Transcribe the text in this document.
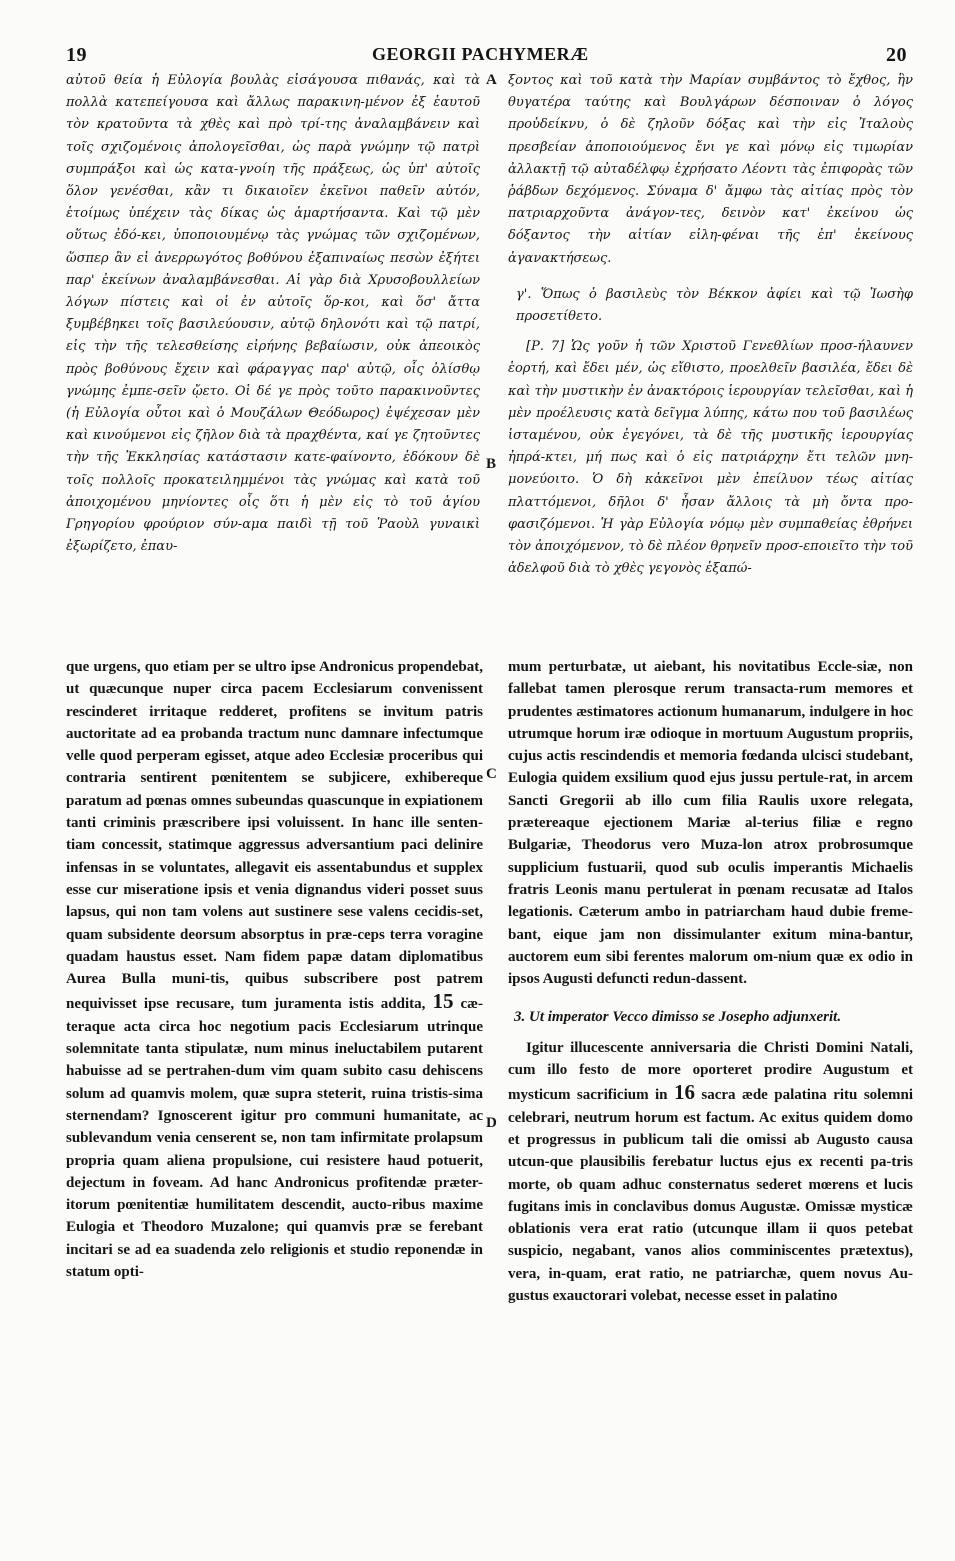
19	GEORGII PACHYMERÆ	20

αὐτοῦ θεία ἡ Εὐλογία βουλὰς εἰσάγουσα πιθανάς, καὶ τὰ πολλὰ κατεπείγουσα καὶ ἄλλως παρακινη-μένον ἐξ ἑαυτοῦ τὸν κρατοῦντα τὰ χθὲς καὶ πρὸ τρί-της ἀναλαμβάνειν καὶ τοῖς σχιζομένοις ἀπολογεῖσθαι, ὡς παρὰ γνώμην τῷ πατρὶ συμπράξοι καὶ ὡς κατα-γνοίη τῆς πράξεως, ὡς ὑπ' αὐτοῖς ὅλον γενέσθαι, κἂν τι δικαιοῖεν ἐκεῖνοι παθεῖν αὐτόν, ἑτοίμως ὑπέχειν τὰς δίκας ὡς ἁμαρτήσαντα. Καὶ τῷ μὲν οὕτως ἐδό-κει, ὑποποιουμένῳ τὰς γνώμας τῶν σχιζομένων, ὥσπερ ἂν εἰ ἀνερρωγότος βοθύνου ἐξαπιναίως πεσὼν ἐξήτει παρ' ἐκείνων ἀναλαμβάνεσθαι. Αἱ γὰρ διὰ Χρυσοβουλλείων λόγων πίστεις καὶ οἱ ἐν αὐτοῖς ὅρ-κοι, καὶ ὅσ' ἄττα ξυμβέβηκει τοῖς βασιλεύουσιν, αὐτῷ δηλονότι καὶ τῷ πατρί, εἰς τὴν τῆς τελεσθείσης εἰρήνης βεβαίωσιν, οὐκ ἀπεοικὸς πρὸς βοθύνους ἔχειν καὶ φάραγγας παρ' αὐτῷ, οἷς ὀλίσθῳ γνώμης ἐμπε-σεῖν ᾤετο. Οἱ δέ γε πρὸς τοῦτο παρακινοῦντες (ἡ Εὐλογία οὗτοι καὶ ὁ Μουζάλων Θεόδωρος) ἐψέχεσαν μὲν καὶ κινούμενοι εἰς ζῆλον διὰ τὰ πραχθέντα, καί γε ζητοῦντες τὴν τῆς Ἐκκλησίας κατάστασιν κατε-φαίνοντο, ἐδόκουν δὲ τοῖς πολλοῖς προκατειλημμένοι τὰς γνώμας καὶ κατὰ τοῦ ἀποιχομένου μηνίοντες οἷς ὅτι ἡ μὲν εἰς τὸ τοῦ ἁγίου Γρηγορίου φρούριον σύν-αμα παιδὶ τῇ τοῦ Ῥαοὺλ γυναικὶ ἐξωρίζετο, ἐπαυ-

ξοντος καὶ τοῦ κατὰ τὴν Μαρίαν συμβάντος τὸ ἔχθος, ἣν θυγατέρα ταύτης καὶ Βουλγάρων δέσποιναν ὁ λόγος προὐδείκνυ, ὁ δὲ ζηλοῦν δόξας καὶ τὴν εἰς Ἰταλοὺς πρεσβείαν ἀποποιούμενος ἔνι γε καὶ μόνῳ εἰς τιμωρίαν ἀλλακτῇ τῷ αὐταδέλφῳ ἐχρήσατο Λέοντι τὰς ἐπιφορὰς τῶν ῥάβδων δεχόμενος. Σύναμα δ' ἄμφω τὰς αἰτίας πρὸς τὸν πατριαρχοῦντα ἀνάγον-τες, δεινὸν κατ' ἐκείνου ὡς δόξαντος τὴν αἰτίαν εἰλη-φέναι τῆς ἐπ' ἐκείνους ἀγανακτήσεως.

γ'. Ὅπως ὁ βασιλεὺς τὸν Βέκκον ἀφίει καὶ τῷ Ἰωσὴφ προσετίθετο.

[Ρ. 7] Ὡς γοῦν ἡ τῶν Χριστοῦ Γενεθλίων προσ-ήλαυνεν ἑορτή, καὶ ἔδει μέν, ὡς εἴθιστο, προελθεῖν βασιλέα, ἔδει δὲ καὶ τὴν μυστικὴν ἐν ἀνακτόροις ἱερουργίαν τελεῖσθαι, καὶ ἡ μὲν προέλευσις κατὰ δεῖγμα λύπης, κάτω που τοῦ βασιλέως ἱσταμένου, οὐκ ἐγεγόνει, τὰ δὲ τῆς μυστικῆς ἱερουργίας ἠπρά-κτει, μή πως καὶ ὁ εἰς πατριάρχην ἔτι τελῶν μνη-μονεύοιτο. Ὁ δὴ κἀκεῖνοι μὲν ἐπείλυον τέως αἰτίας πλαττόμενοι, δῆλοι δ' ἦσαν ἄλλοις τὰ μὴ ὄντα προ-φασιζόμενοι. Ἡ γὰρ Εὐλογία νόμῳ μὲν συμπαθείας ἐθρήνει τὸν ἀποιχόμενον, τὸ δὲ πλέον θρηνεῖν προσ-εποιεῖτο τὴν τοῦ ἀδελφοῦ διὰ τὸ χθὲς γεγονὸς ἐξαπώ-

que urgens, quo etiam per se ultro ipse Andronicus propendebat, ut quæcunque nuper circa pacem Ecclesiarum convenissent rescinderet irritaque redderet, profitens se invitum patris auctoritate ad ea probanda tractum nunc damnare infectumque velle quod perperam egisset, atque adeo Ecclesiæ proceribus qui contraria sentirent pœnitentem se subjicere, exhibereque paratum ad pœnas omnes subeundas quascunque in expiationem tanti criminis præscribere ipsi voluissent. In hanc ille senten-tiam concessit, statimque aggressus adversantium paci delinire infensas in se voluntates, allegavit eis assentabundus et supplex esse cur miseratione ipsis et venia dignandus videri posset suus lapsus, qui non tam volens aut sustinere sese valens cecidis-set, quam subsidente deorsum absorptus in præ-ceps terra voragine quadam haustus esset. Nam fidem papæ datam diplomatibus Aurea Bulla muni-tis, quibus subscribere post patrem nequivisset ipse recusare, tum juramenta istis addita, 15 cæ-teraque acta circa hoc negotium pacis Ecclesiarum utrinque solemnitate tanta stipulatæ, num minus ineluctabilem putarent habuisse ad se pertrahen-dum vim quam subito casu dehiscens solum ad quamvis molem, quæ supra steterit, ruina tristis-sima sternendam? Ignoscerent igitur pro communi humanitate, ac sublevandum venia censerent se, non tam infirmitate prolapsum propria quam aliena propulsione, cui resistere haud potuerit, dejectum in foveam. Ad hanc Andronicus profitendæ præter-itorum pœnitentiæ humilitatem descendit, aucto-ribus maxime Eulogia et Theodoro Muzalone; qui quamvis præ se ferebant incitari se ad ea suadenda zelo religionis et studio reponendæ in statum opti-

mum perturbatæ, ut aiebant, his novitatibus Eccle-siæ, non fallebat tamen plerosque rerum transacta-rum memores et prudentes æstimatores actionum humanarum, indulgere in hoc utrumque horum iræ odioque in mortuum Augustum propriis, cujus actis rescindendis et memoria fœdanda ulcisci studebant, Eulogia quidem exsilium quod ejus jussu pertule-rat, in arcem Sancti Gregorii ab illo cum filia Raulis uxore relegata, prætereaque ejectionem Mariæ al-terius filiæ e regno Bulgariæ, Theodorus vero Muza-lon atrox probrosumque supplicium fustuarii, quod sub oculis imperantis Michaelis fratris Leonis manu pertulerat in pœnam recusatæ ad Italos legationis. Cæterum ambo in patriarcham haud dubie freme-bant, eique jam non dissimulanter exitum mina-bantur, auctorem eum sibi ferentes malorum om-nium quæ ex odio in ipsos Augusti defuncti redun-dassent.

3. Ut imperator Vecco dimisso se Josepho adjunxerit.

Igitur illucescente anniversaria die Christi Domini Natali, cum illo festo de more oporteret prodire Augustum et mysticum sacrificium in 16 sacra æde palatina ritu solemni celebrari, neutrum horum est factum. Ac exitus quidem domo et progressus in publicum tali die omissi ab Augusto causa utcun-que plausibilis ferebatur luctus ejus ex recenti pa-tris morte, ob quam adhuc consternatus sederet mœrens et lucis fugitans imis in conclavibus domus Augustæ. Omissæ mysticæ oblationis vera erat ratio (utcunque illam ii quos petebat suspicio, negabant, vanos alios comminiscentes prætextus), vera, in-quam, erat ratio, ne patriarchæ, quem novus Au-gustus exauctorari volebat, necesse esset in palatino

A
B
C
D
